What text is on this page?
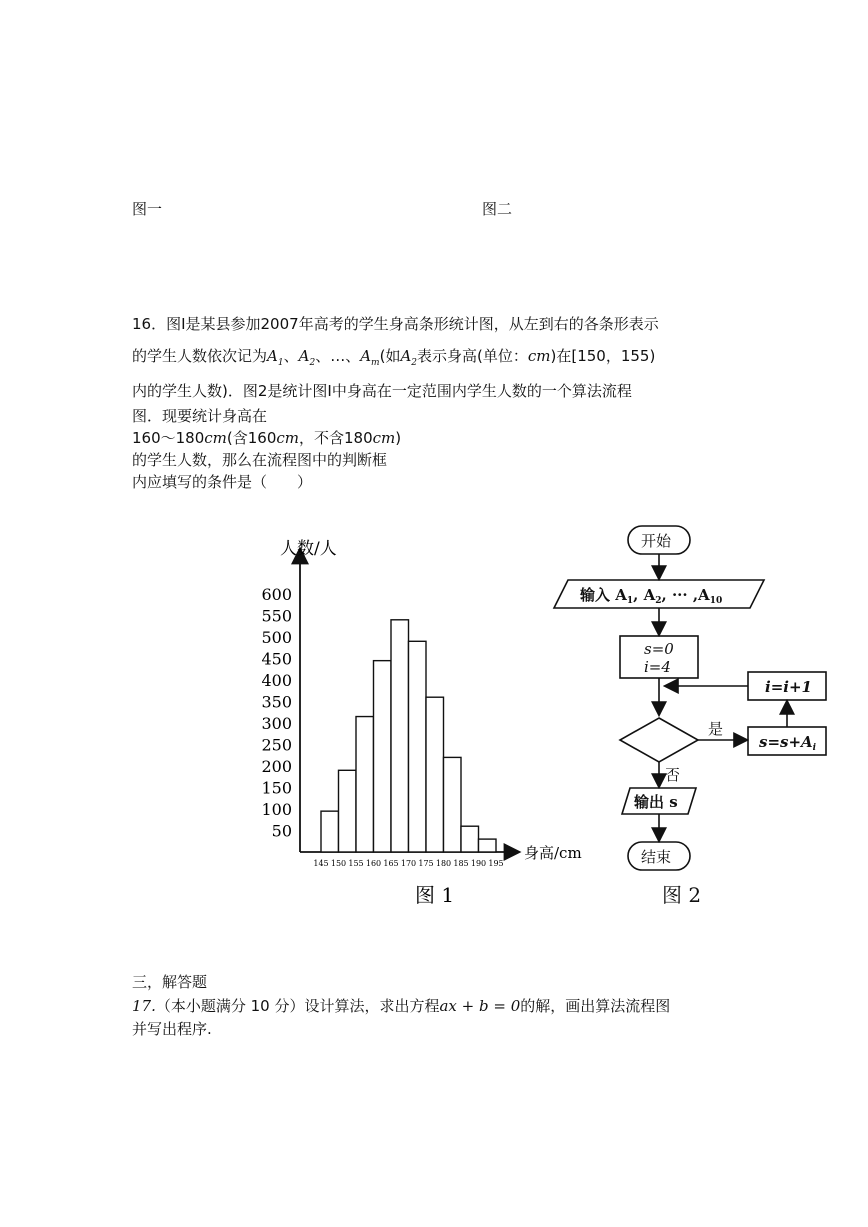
图一	图二
16．图Ⅰ是某县参加2007年高考的学生身高条形统计图，从左到右的各条形表示
的学生人数依次记为$A_1$、$A_2$、…、$A_m$(如$A_2$表示身高(单位：cm)在[150，155)
内的学生人数)．图2是统计图Ⅰ中身高在一定范围内学生人数的一个算法流程
图．现要统计身高在
160～180cm(含160cm，不含180cm)
的学生人数，那么在流程图中的判断框
内应填写的条件是（　　）
50
100
150
200
250
300
350
400
450
500
550
600
145 150 155 160 165 170 175 180 185 190 195
人数/人
身高/cm
图 1
开始
输入 $A_1$, $A_2$, ··· $,A_{10}$
s=0
i=4
是
否
$s=s+A_i$
i=i+1
输出 s
结束
图 2
三，解答题
17.（本小题满分 10 分）设计算法，求出方程ax + b = 0的解，画出算法流程图
并写出程序.
